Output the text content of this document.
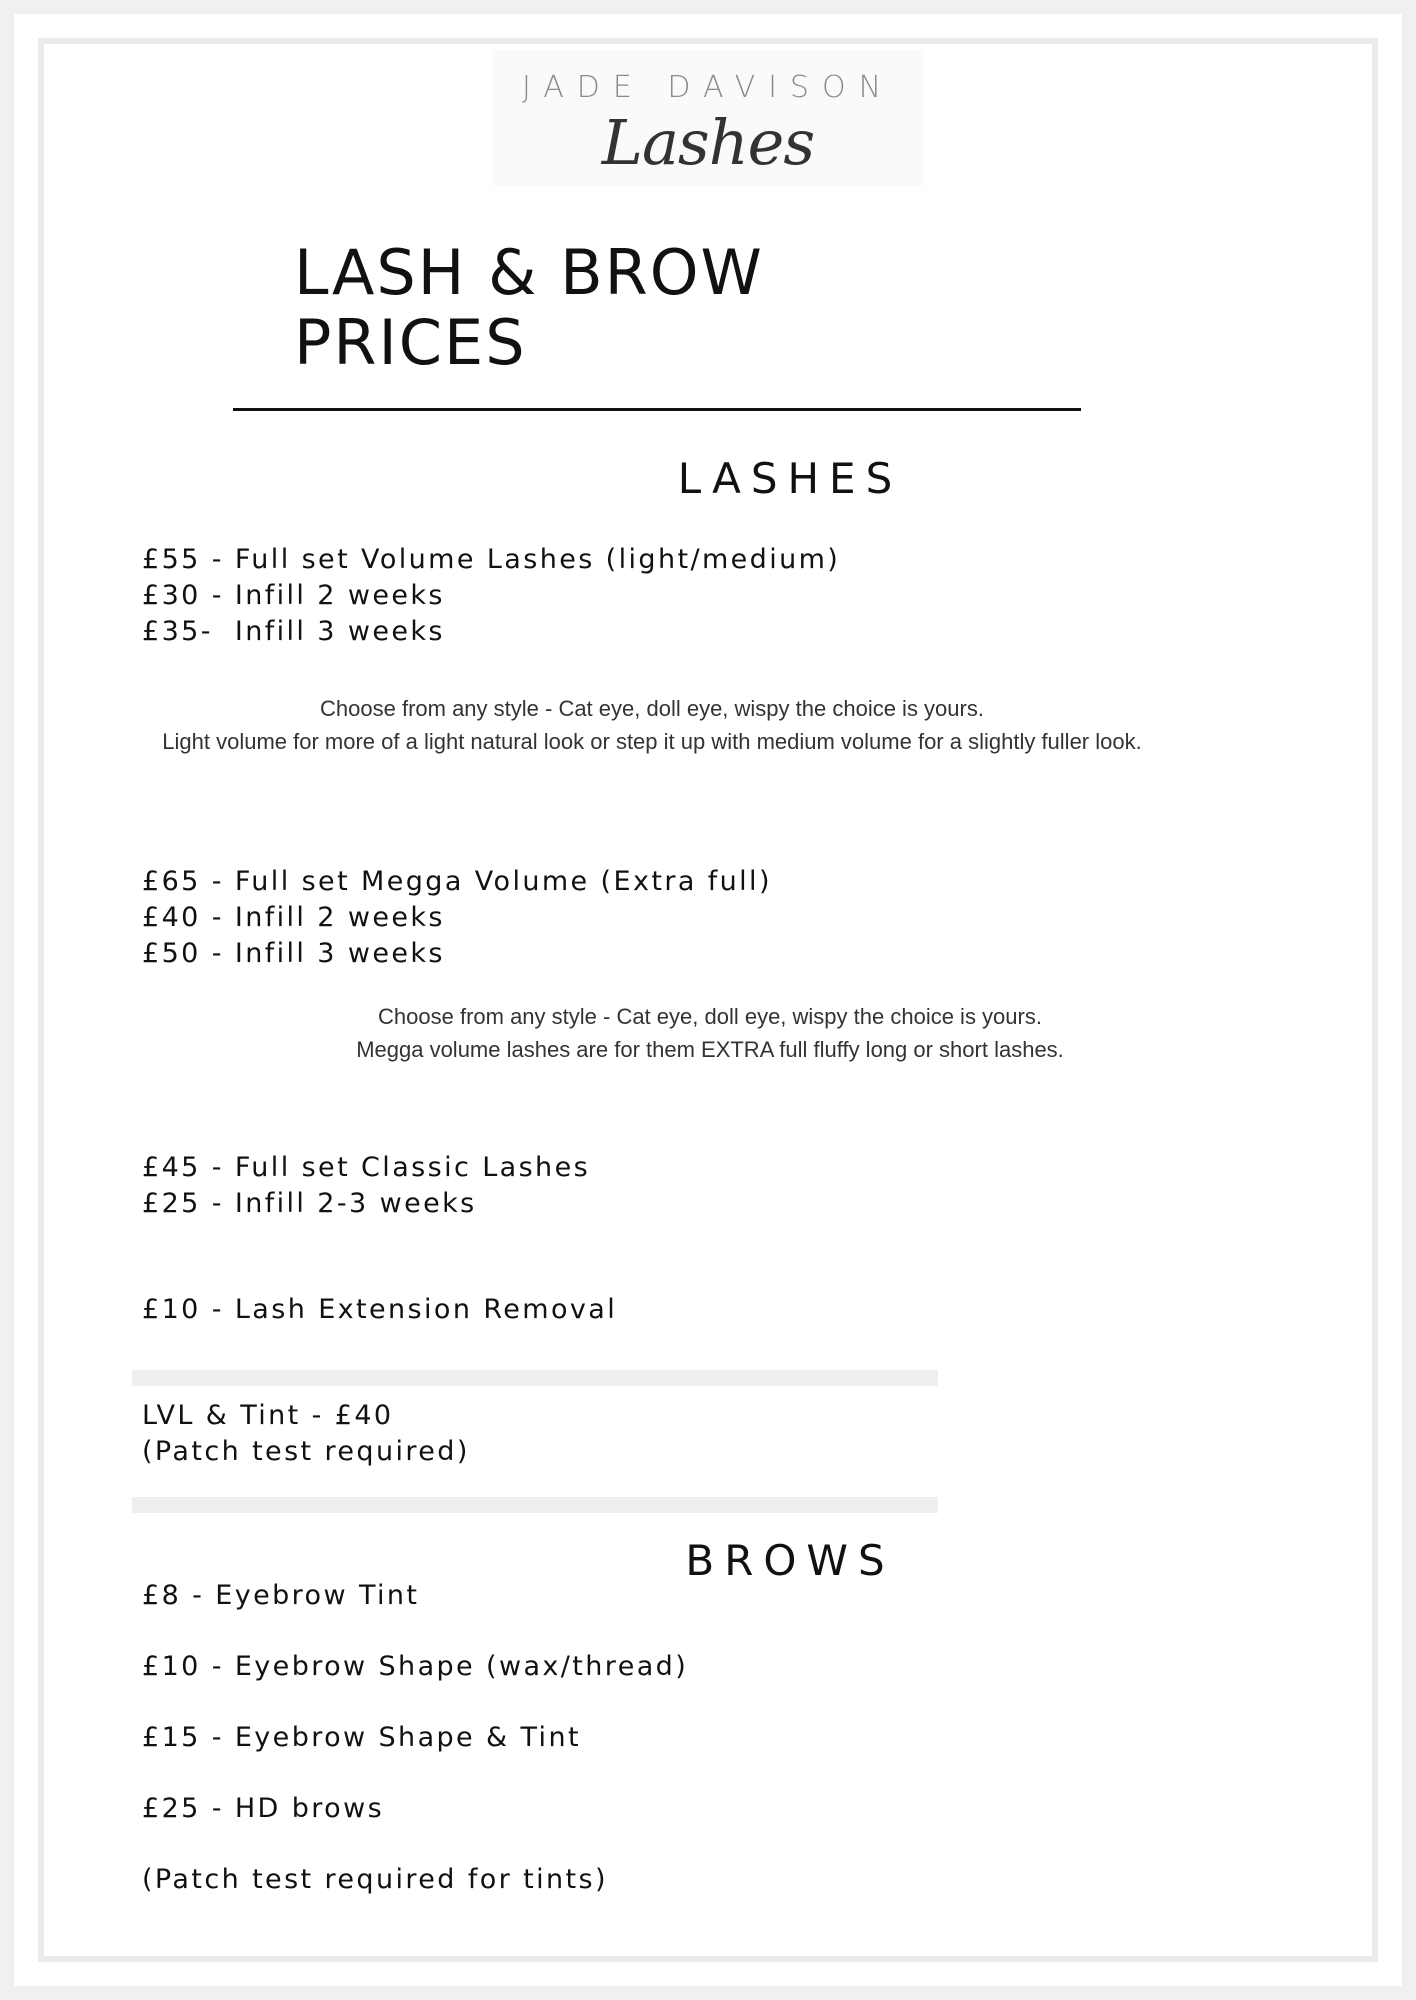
JADE DAVISON
Lashes
LASH & BROW
PRICES
LASHES
£55 - Full set Volume Lashes (light/medium)
£30 - Infill 2 weeks
£35-  Infill 3 weeks

Choose from any style - Cat eye, doll eye, wispy the choice is yours.

Light volume for more of a light natural look or step it up with medium volume for a slightly fuller look.

£65 - Full set Megga Volume (Extra full)
£40 - Infill 2 weeks
£50 - Infill 3 weeks

Choose from any style - Cat eye, doll eye, wispy the choice is yours.

Megga volume lashes are for them EXTRA full fluffy long or short lashes.

£45 - Full set Classic Lashes
£25 - Infill 2-3 weeks
£10 - Lash Extension Removal
LVL & Tint - £40
(Patch test required)
BROWS
£8 - Eyebrow Tint
£10 - Eyebrow Shape (wax/thread)
£15 - Eyebrow Shape & Tint
£25 - HD brows
(Patch test required for tints)
